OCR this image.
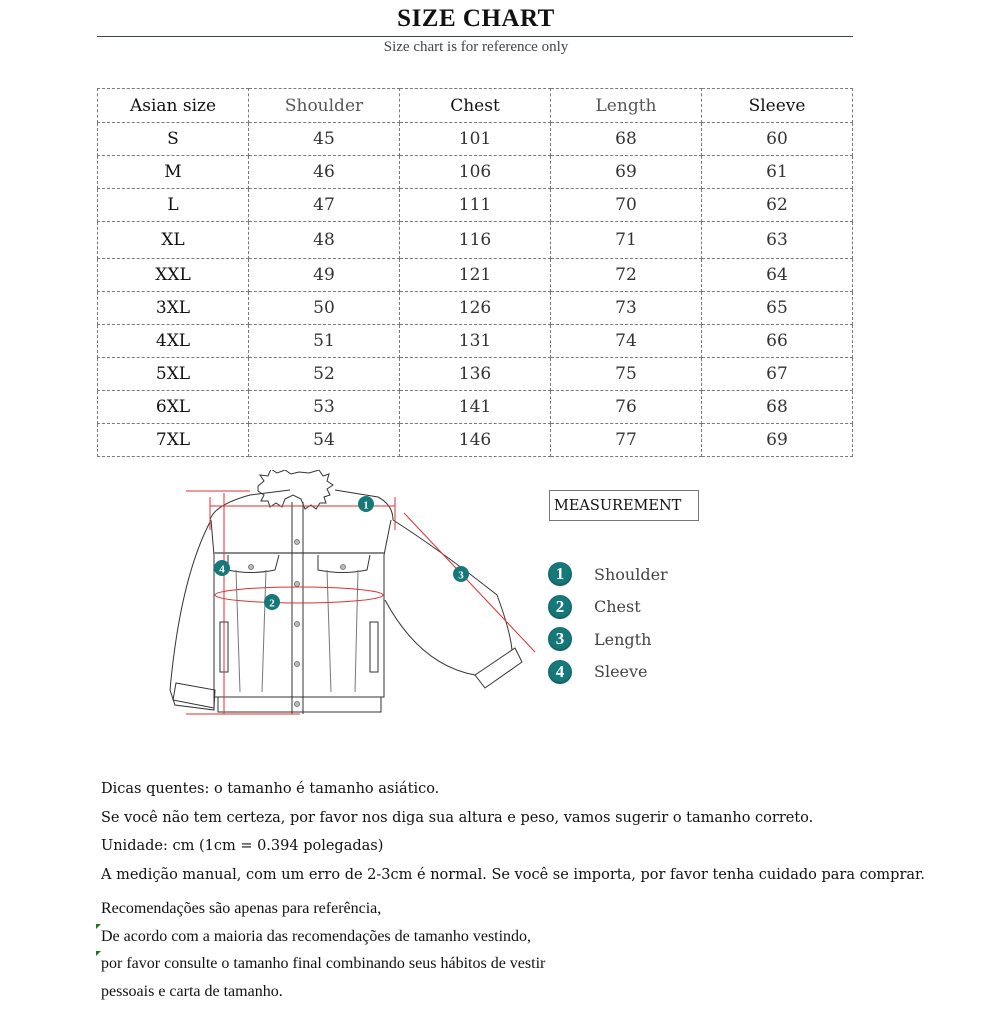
SIZE CHART
Size chart is for reference only
Asian size	Shoulder	Chest	Length	Sleeve
S	45	101	68	60
M	46	106	69	61
L	47	111	70	62
XL	48	116	71	63
XXL	49	121	72	64
3XL	50	126	73	65
4XL	51	131	74	66
5XL	52	136	75	67
6XL	53	141	76	68
7XL	54	146	77	69
1
2
3
4
MEASUREMENT
1	Shoulder
2	Chest
3	Length
4	Sleeve
Dicas quentes: o tamanho é tamanho asiático.
Se você não tem certeza, por favor nos diga sua altura e peso, vamos sugerir o tamanho correto.
Unidade: cm (1cm = 0.394 polegadas)
A medição manual, com um erro de 2-3cm é normal. Se você se importa, por favor tenha cuidado para comprar.
Recomendações são apenas para referência,
De acordo com a maioria das recomendações de tamanho vestindo,
por favor consulte o tamanho final combinando seus hábitos de vestir
pessoais e carta de tamanho.
